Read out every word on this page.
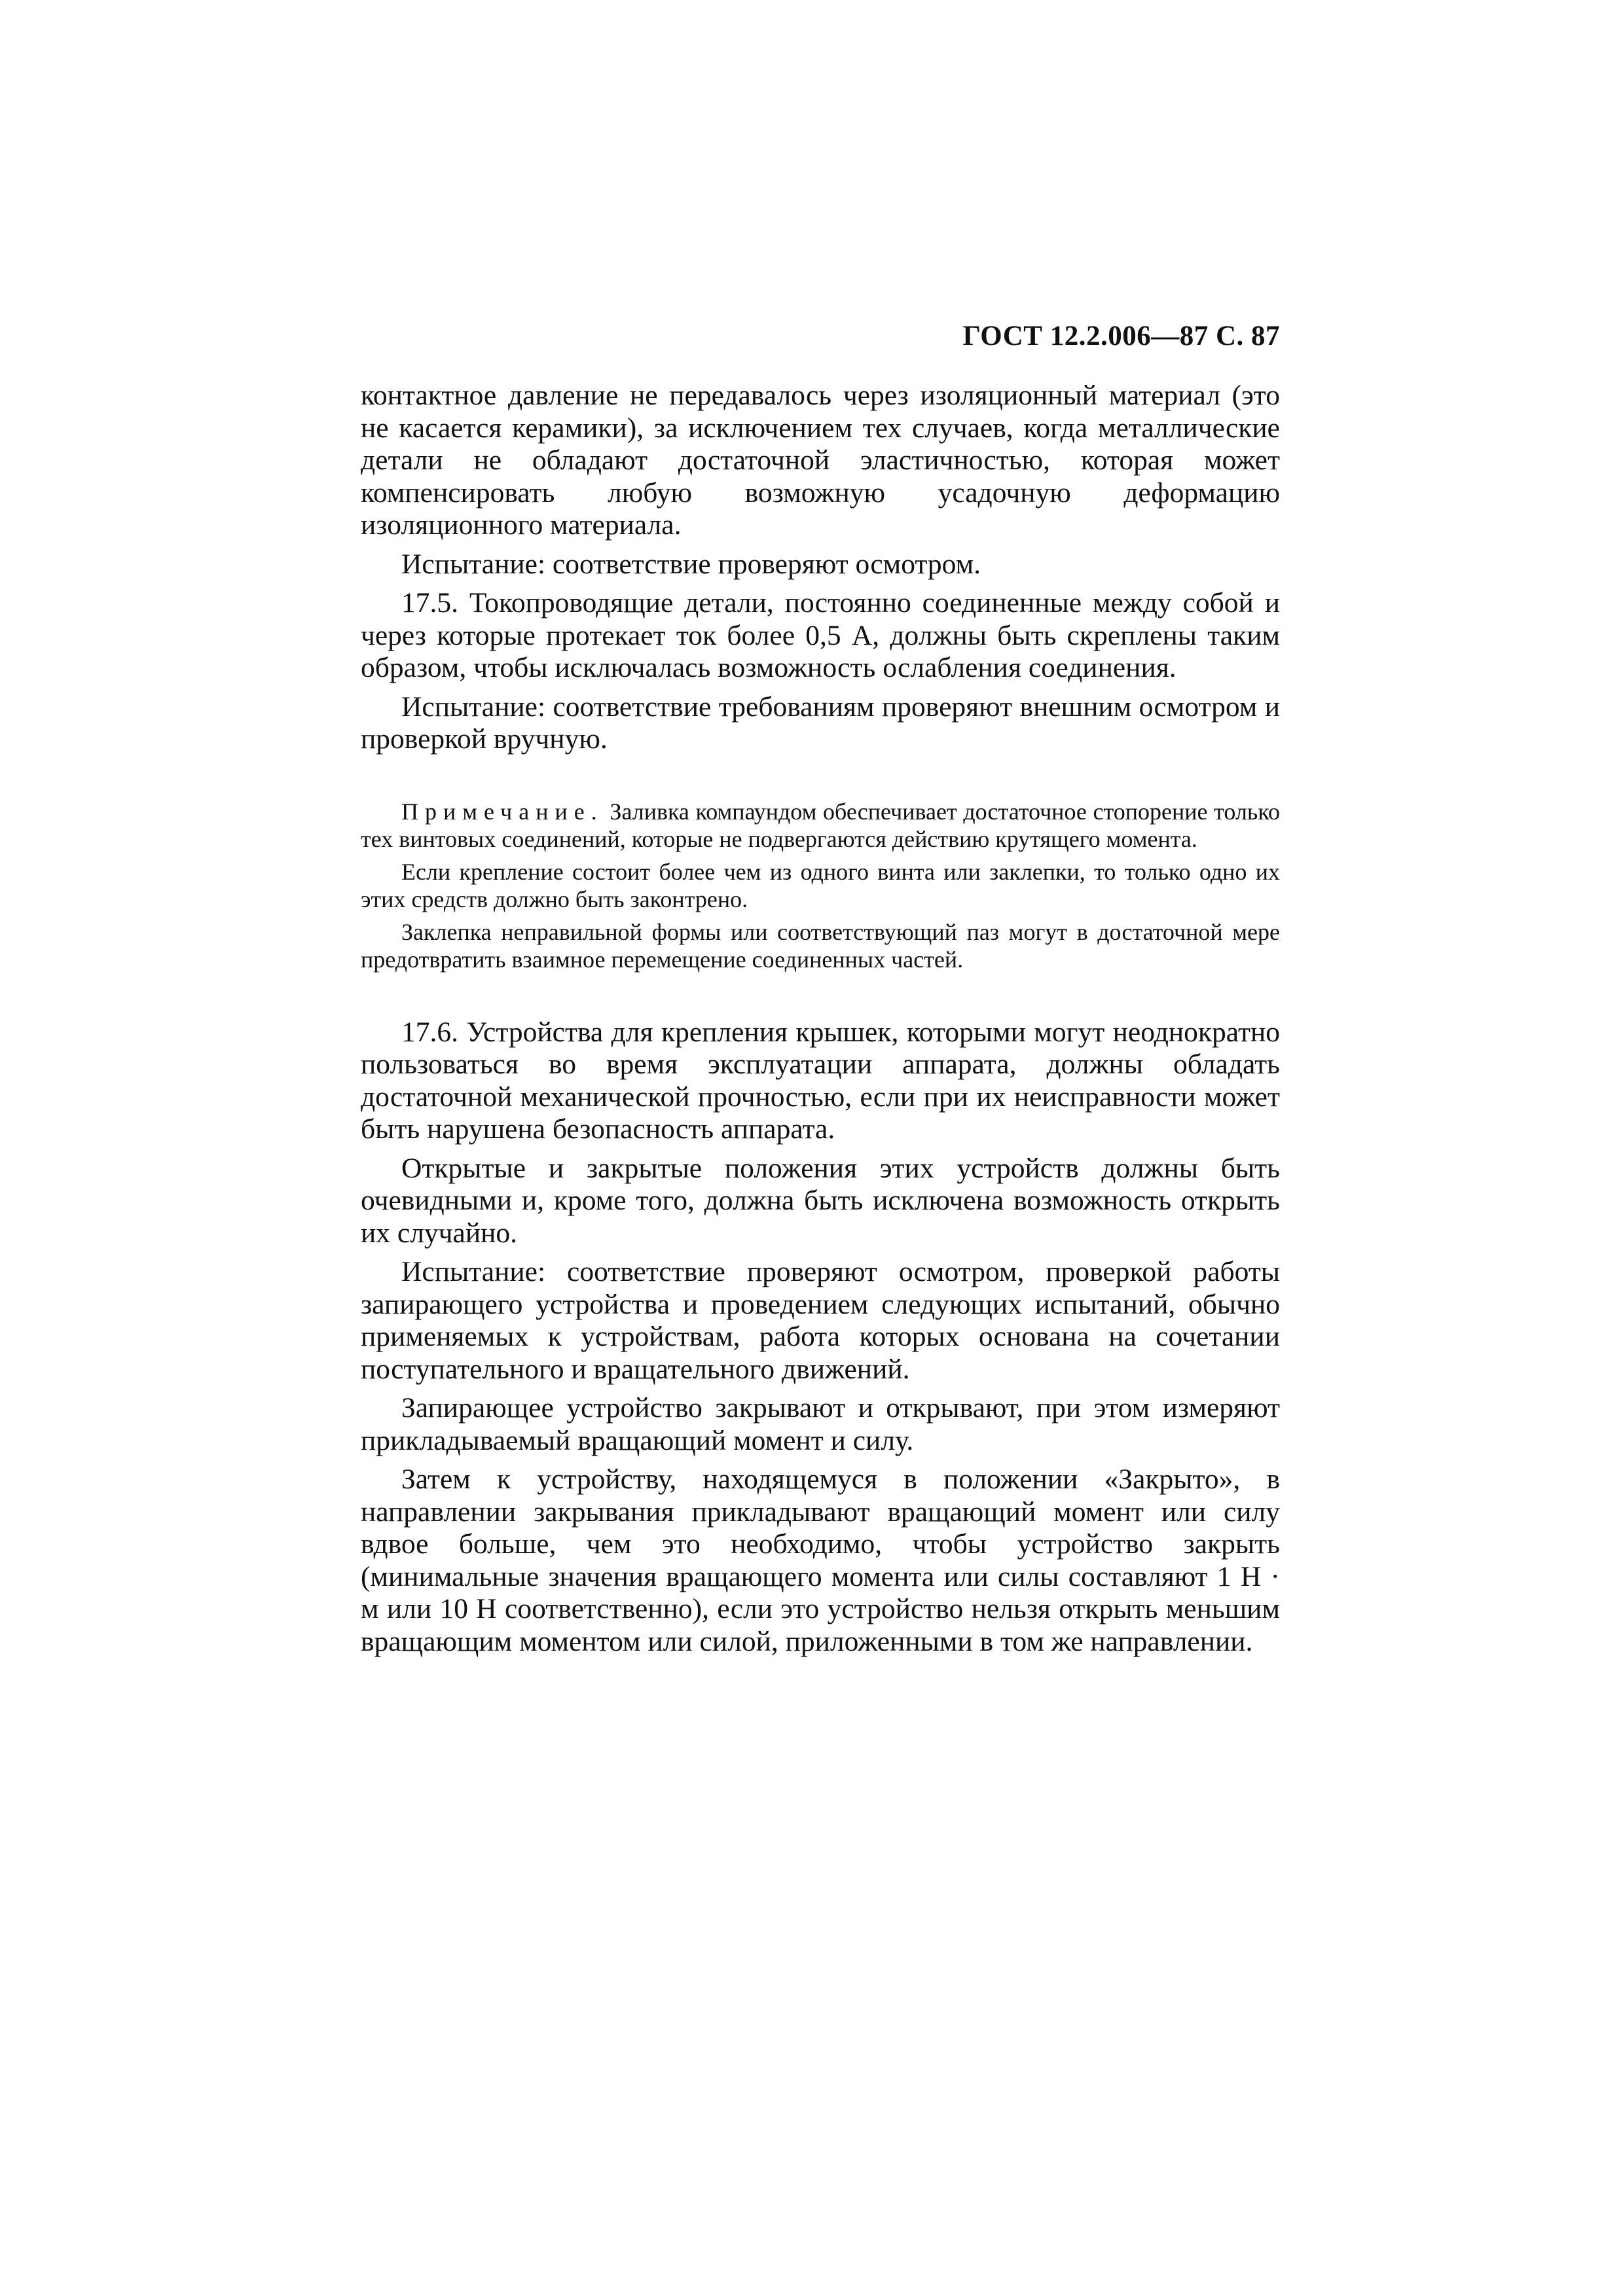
ГОСТ 12.2.006—87 С. 87

контактное давление не передавалось через изоляционный материал (это не касается керамики), за исключением тех случаев, когда металлические детали не обладают достаточной эластичностью, которая может компенсировать любую возможную усадочную деформацию изоляционного материала.

Испытание: соответствие проверяют осмотром.

17.5. Токопроводящие детали, постоянно соединенные между собой и через которые протекает ток более 0,5 А, должны быть скреплены таким образом, чтобы исключалась возможность ослабления соединения.

Испытание: соответствие требованиям проверяют внешним осмотром и проверкой вручную.

Примечание. Заливка компаундом обеспечивает достаточное стопорение только тех винтовых соединений, которые не подвергаются действию крутящего момента.

Если крепление состоит более чем из одного винта или заклепки, то только одно их этих средств должно быть законтрено.

Заклепка неправильной формы или соответствующий паз могут в достаточной мере предотвратить взаимное перемещение соединенных частей.

17.6. Устройства для крепления крышек, которыми могут неоднократно пользоваться во время эксплуатации аппарата, должны обладать достаточной механической прочностью, если при их неисправности может быть нарушена безопасность аппарата.

Открытые и закрытые положения этих устройств должны быть очевидными и, кроме того, должна быть исключена возможность открыть их случайно.

Испытание: соответствие проверяют осмотром, проверкой работы запирающего устройства и проведением следующих испытаний, обычно применяемых к устройствам, работа которых основана на сочетании поступательного и вращательного движений.

Запирающее устройство закрывают и открывают, при этом измеряют прикладываемый вращающий момент и силу.

Затем к устройству, находящемуся в положении «Закрыто», в направлении закрывания прикладывают вращающий момент или силу вдвое больше, чем это необходимо, чтобы устройство закрыть (минимальные значения вращающего момента или силы составляют 1 Н · м или 10 Н соответственно), если это устройство нельзя открыть меньшим вращающим моментом или силой, приложенными в том же направлении.
